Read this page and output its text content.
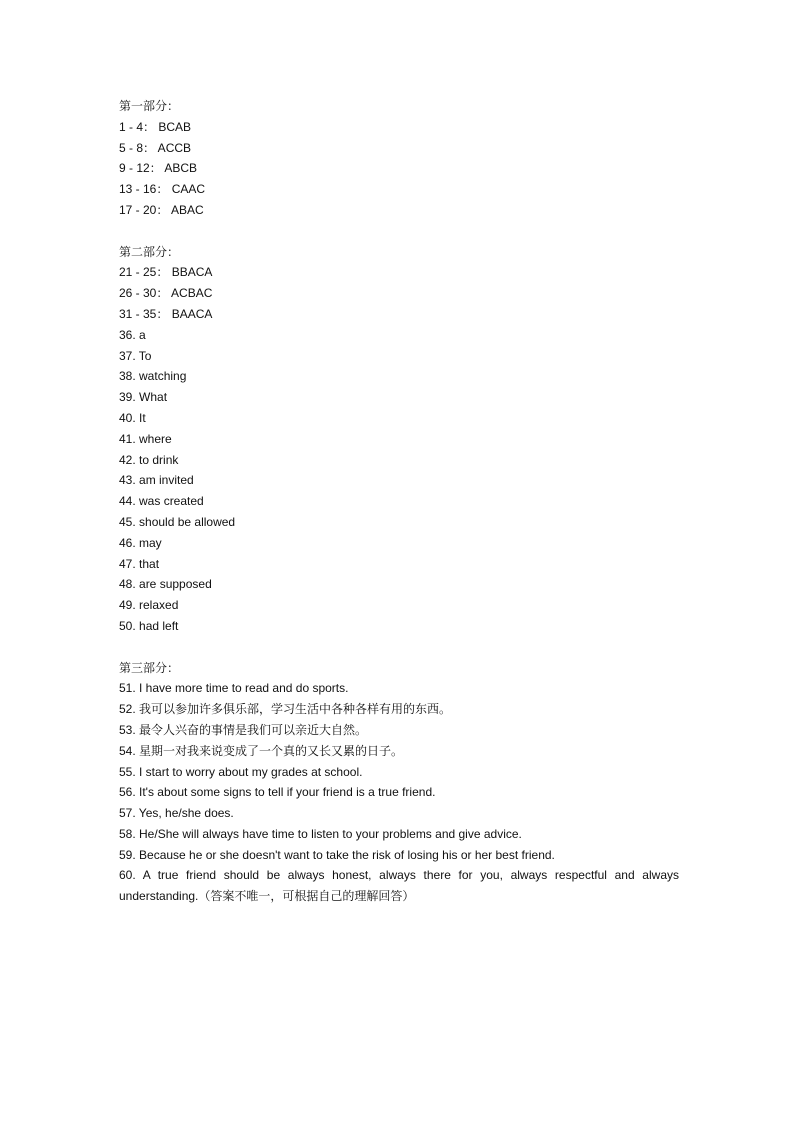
第一部分：
1 - 4： BCAB
5 - 8： ACCB
9 - 12： ABCB
13 - 16： CAAC
17 - 20： ABAC
第二部分：
21 - 25： BBACA
26 - 30： ACBAC
31 - 35： BAACA
36. a
37. To
38. watching
39. What
40. It
41. where
42. to drink
43. am invited
44. was created
45. should be allowed
46. may
47. that
48. are supposed
49. relaxed
50. had left
第三部分：
51. I have more time to read and do sports.
52. 我可以参加许多俱乐部，学习生活中各种各样有用的东西。
53. 最令人兴奋的事情是我们可以亲近大自然。
54. 星期一对我来说变成了一个真的又长又累的日子。
55. I start to worry about my grades at school.
56. It's about some signs to tell if your friend is a true friend.
57. Yes, he/she does.
58. He/She will always have time to listen to your problems and give advice.
59. Because he or she doesn't want to take the risk of losing his or her best friend.
60. A true friend should be always honest, always there for you, always respectful and always understanding.（答案不唯一，可根据自己的理解回答）
